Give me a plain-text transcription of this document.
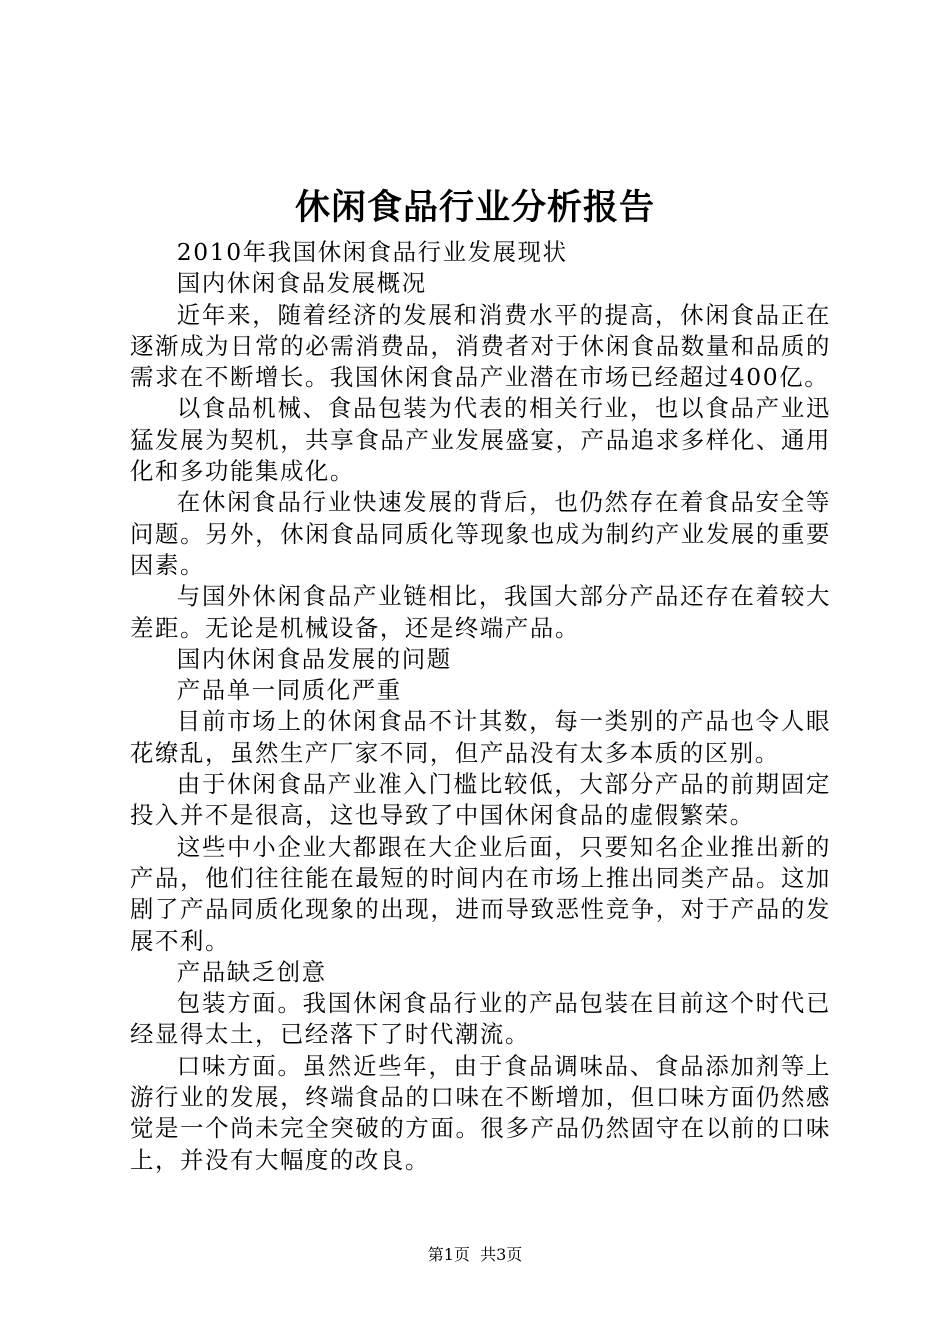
休闲食品行业分析报告

2010年我国休闲食品行业发展现状

国内休闲食品发展概况

近年来，随着经济的发展和消费水平的提高，休闲食品正在逐渐成为日常的必需消费品，消费者对于休闲食品数量和品质的需求在不断增长。我国休闲食品产业潜在市场已经超过400亿。

以食品机械、食品包装为代表的相关行业，也以食品产业迅猛发展为契机，共享食品产业发展盛宴，产品追求多样化、通用化和多功能集成化。

在休闲食品行业快速发展的背后，也仍然存在着食品安全等问题。另外，休闲食品同质化等现象也成为制约产业发展的重要因素。

与国外休闲食品产业链相比，我国大部分产品还存在着较大差距。无论是机械设备，还是终端产品。

国内休闲食品发展的问题

产品单一同质化严重

目前市场上的休闲食品不计其数，每一类别的产品也令人眼花缭乱，虽然生产厂家不同，但产品没有太多本质的区别。

由于休闲食品产业准入门槛比较低，大部分产品的前期固定投入并不是很高，这也导致了中国休闲食品的虚假繁荣。

这些中小企业大都跟在大企业后面，只要知名企业推出新的产品，他们往往能在最短的时间内在市场上推出同类产品。这加剧了产品同质化现象的出现，进而导致恶性竞争，对于产品的发展不利。

产品缺乏创意

包装方面。我国休闲食品行业的产品包装在目前这个时代已经显得太土，已经落下了时代潮流。

口味方面。虽然近些年，由于食品调味品、食品添加剂等上游行业的发展，终端食品的口味在不断增加，但口味方面仍然感觉是一个尚未完全突破的方面。很多产品仍然固守在以前的口味上，并没有大幅度的改良。

第1页  共3页
